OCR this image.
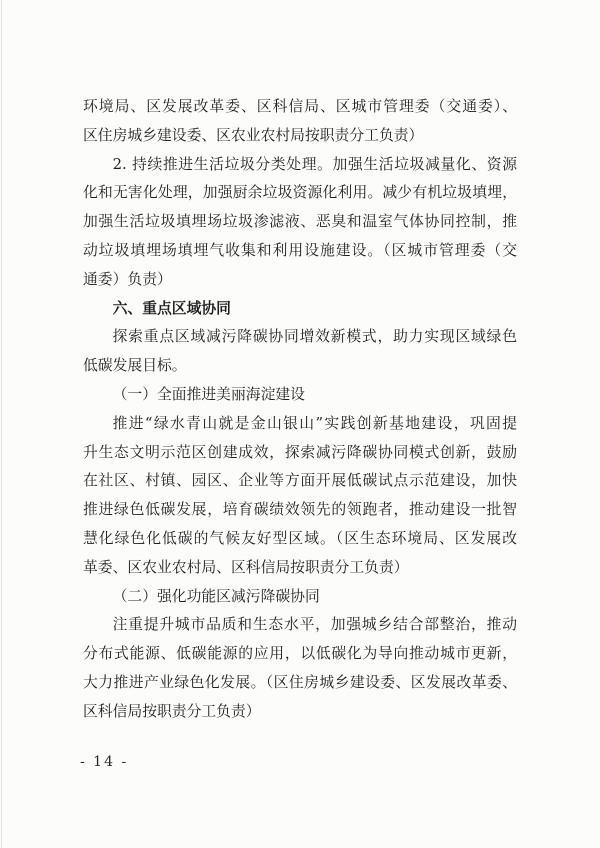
环境局、区发展改革委、区科信局、区城市管理委（交通委）、
区住房城乡建设委、区农业农村局按职责分工负责）
2. 持续推进生活垃圾分类处理。加强生活垃圾减量化、资源
化和无害化处理，加强厨余垃圾资源化利用。减少有机垃圾填埋，
加强生活垃圾填埋场垃圾渗滤液、恶臭和温室气体协同控制，推
动垃圾填埋场填埋气收集和利用设施建设。（区城市管理委（交
通委）负责）
六、重点区域协同
探索重点区域减污降碳协同增效新模式，助力实现区域绿色
低碳发展目标。
（一）全面推进美丽海淀建设
推进“绿水青山就是金山银山”实践创新基地建设，巩固提
升生态文明示范区创建成效，探索减污降碳协同模式创新，鼓励
在社区、村镇、园区、企业等方面开展低碳试点示范建设，加快
推进绿色低碳发展，培育碳绩效领先的领跑者，推动建设一批智
慧化绿色化低碳的气候友好型区域。（区生态环境局、区发展改
革委、区农业农村局、区科信局按职责分工负责）
（二）强化功能区减污降碳协同
注重提升城市品质和生态水平，加强城乡结合部整治，推动
分布式能源、低碳能源的应用，以低碳化为导向推动城市更新，
大力推进产业绿色化发展。（区住房城乡建设委、区发展改革委、
区科信局按职责分工负责）
- 14 -
